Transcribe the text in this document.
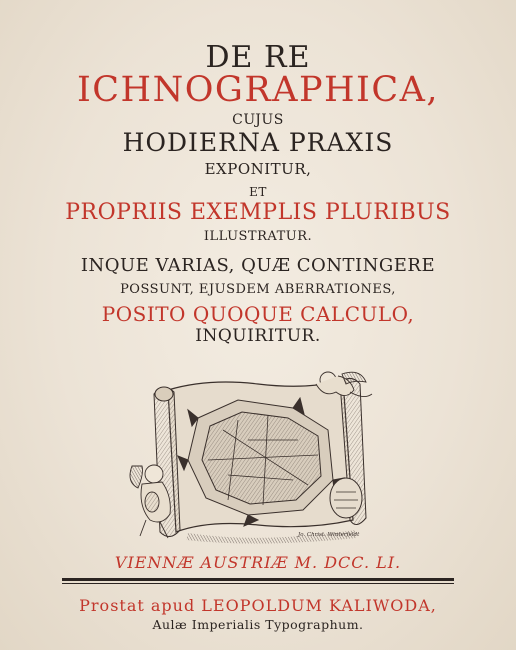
DE RE
ICHNOGRAPHICA,
CUJUS
HODIERNA PRAXIS
EXPONITUR,
ET
PROPRIIS EXEMPLIS PLURIBUS
ILLUSTRATUR.
INQUE VARIAS, QUÆ CONTINGERE
POSSUNT, EJUSDEM ABERRATIONES,
POSITO QUOQUE CALCULO,
INQUIRITUR.
Jo. Christ. Winterfeldt
VIENNÆ AUSTRIÆ M. DCC. LI.
Prostat apud LEOPOLDUM KALIWODA,
Aulæ Imperialis Typographum.
